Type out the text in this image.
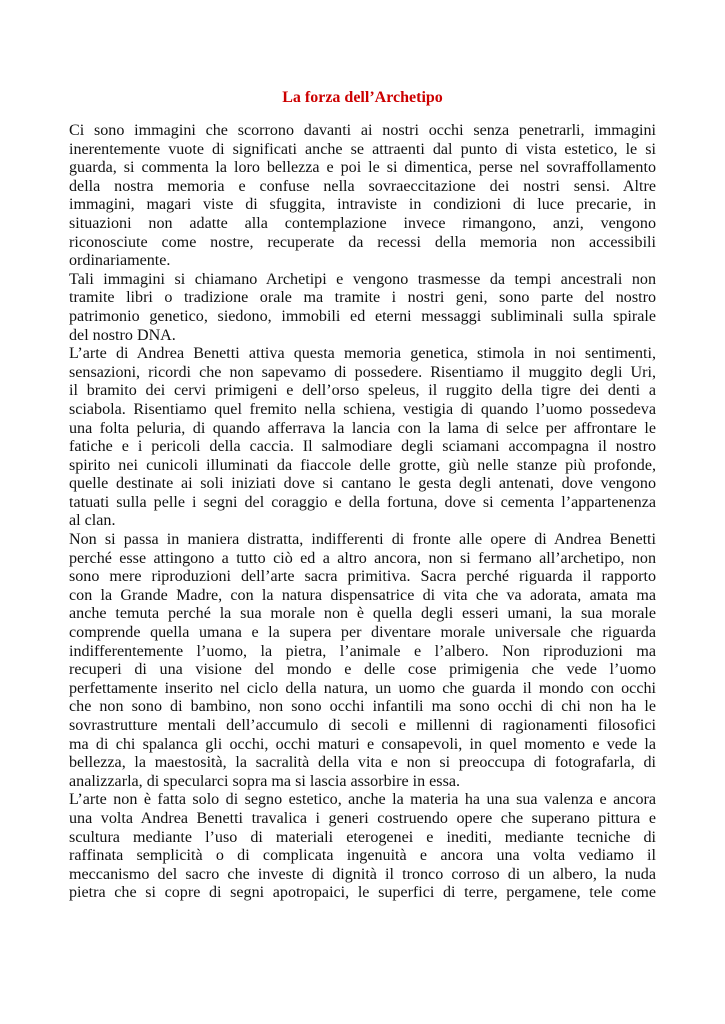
La forza dell’Archetipo
Ci sono immagini che scorrono davanti ai nostri occhi senza penetrarli, immagini
inerentemente vuote di significati anche se attraenti dal punto di vista estetico, le si
guarda, si commenta la loro bellezza e poi le si dimentica, perse nel sovraffollamento
della nostra memoria e confuse nella sovraeccitazione dei nostri sensi. Altre
immagini, magari viste di sfuggita, intraviste in condizioni di luce precarie, in
situazioni non adatte alla contemplazione invece rimangono, anzi, vengono
riconosciute come nostre, recuperate da recessi della memoria non accessibili
ordinariamente.
Tali immagini si chiamano Archetipi e vengono trasmesse da tempi ancestrali non
tramite libri o tradizione orale ma tramite i nostri geni, sono parte del nostro
patrimonio genetico, siedono, immobili ed eterni messaggi subliminali sulla spirale
del nostro DNA.
L’arte di Andrea Benetti attiva questa memoria genetica, stimola in noi sentimenti,
sensazioni, ricordi che non sapevamo di possedere. Risentiamo il muggito degli Uri,
il bramito dei cervi primigeni e dell’orso speleus, il ruggito della tigre dei denti a
sciabola. Risentiamo quel fremito nella schiena, vestigia di quando l’uomo possedeva
una folta peluria, di quando afferrava la lancia con la lama di selce per affrontare le
fatiche e i pericoli della caccia. Il salmodiare degli sciamani accompagna il nostro
spirito nei cunicoli illuminati da fiaccole delle grotte, giù nelle stanze più profonde,
quelle destinate ai soli iniziati dove si cantano le gesta degli antenati, dove vengono
tatuati sulla pelle i segni del coraggio e della fortuna, dove si cementa l’appartenenza
al clan.
Non si passa in maniera distratta, indifferenti di fronte alle opere di Andrea Benetti
perché esse attingono a tutto ciò ed a altro ancora, non si fermano all’archetipo, non
sono mere riproduzioni dell’arte sacra primitiva. Sacra perché riguarda il rapporto
con la Grande Madre, con la natura dispensatrice di vita che va adorata, amata ma
anche temuta perché la sua morale non è quella degli esseri umani, la sua morale
comprende quella umana e la supera per diventare morale universale che riguarda
indifferentemente l’uomo, la pietra, l’animale e l’albero. Non riproduzioni ma
recuperi di una visione del mondo e delle cose primigenia che vede l’uomo
perfettamente inserito nel ciclo della natura, un uomo che guarda il mondo con occhi
che non sono di bambino, non sono occhi infantili ma sono occhi di chi non ha le
sovrastrutture mentali dell’accumulo di secoli e millenni di ragionamenti filosofici
ma di chi spalanca gli occhi, occhi maturi e consapevoli, in quel momento e vede la
bellezza, la maestosità, la sacralità della vita e non si preoccupa di fotografarla, di
analizzarla, di specularci sopra ma si lascia assorbire in essa.
L’arte non è fatta solo di segno estetico, anche la materia ha una sua valenza e ancora
una volta Andrea Benetti travalica i generi costruendo opere che superano pittura e
scultura mediante l’uso di materiali eterogenei e inediti, mediante tecniche di
raffinata semplicità o di complicata ingenuità e ancora una volta vediamo il
meccanismo del sacro che investe di dignità il tronco corroso di un albero, la nuda
pietra che si copre di segni apotropaici, le superfici di terre, pergamene, tele come
